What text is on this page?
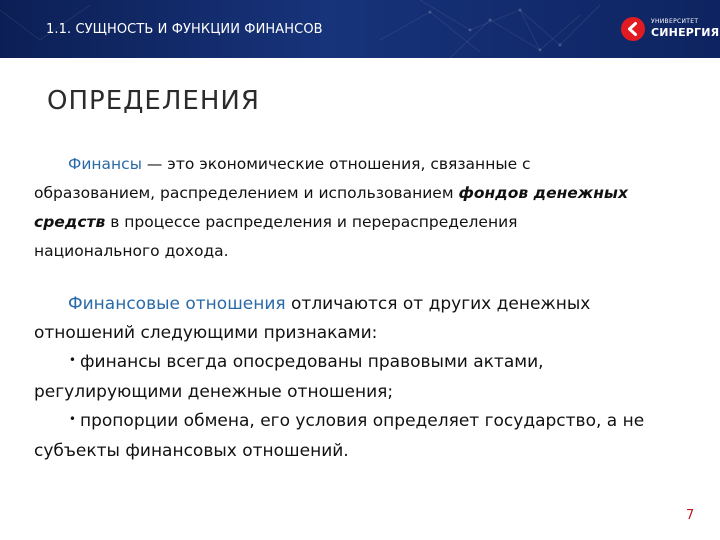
1.1. СУЩНОСТЬ И ФУНКЦИИ ФИНАНСОВ
УНИВЕРСИТЕТ
СИНЕРГИЯ
ОПРЕДЕЛЕНИЯ
Финансы — это экономические отношения, связанные с образованием, распределением и использованием фондов денежных средств в процессе распределения и перераспределения национального дохода.
Финансовые отношения отличаются от других денежных отношений следующими признаками:
• финансы всегда опосредованы правовыми актами, регулирующими денежные отношения;
• пропорции обмена, его условия определяет государство, а не субъекты финансовых отношений.
7
